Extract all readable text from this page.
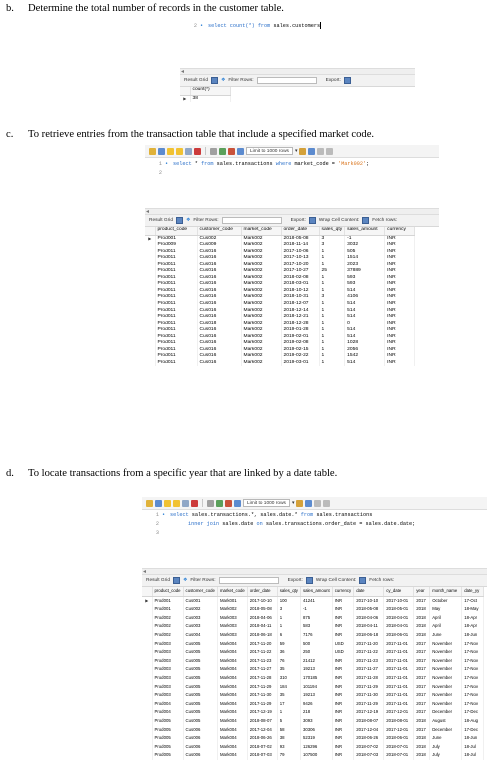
b. Determine the total number of records in the customer table.
2 • select count(*) from sales.customers
◂
Result Grid	❖ Filter Rows:	Export:
	count(*)
▶	38
c. To retrieve entries from the transaction table that include a specified market code.
Limit to 1000 rows	▾
1 • select * from sales.transactions where market_code = 'Mark002';
2
◂
Result Grid	❖ Filter Rows:	Export:	Wrap Cell Content:	Fetch rows:
	product_code	customer_code	market_code	order_date	sales_qty	sales_amount	currency
▶	Prod001	Cus002	Mark002	2018-05-08	3	-1	INR
	Prod009	Cus009	Mark002	2018-11-14	3	3032	INR
	Prod011	Cus016	Mark002	2017-10-06	1	505	INR
	Prod011	Cus016	Mark002	2017-10-13	1	1514	INR
	Prod011	Cus016	Mark002	2017-10-20	1	2023	INR
	Prod011	Cus016	Mark002	2017-10-27	25	37889	INR
	Prod011	Cus016	Mark002	2018-02-08	1	593	INR
	Prod011	Cus016	Mark002	2018-03-01	1	593	INR
	Prod011	Cus016	Mark002	2018-10-12	1	514	INR
	Prod011	Cus016	Mark002	2018-10-31	3	4106	INR
	Prod011	Cus016	Mark002	2018-12-07	1	514	INR
	Prod011	Cus016	Mark002	2018-12-14	1	514	INR
	Prod011	Cus016	Mark002	2018-12-21	1	514	INR
	Prod011	Cus018	Mark002	2018-12-28	1	0	INR
	Prod011	Cus016	Mark002	2019-01-28	1	514	INR
	Prod011	Cus016	Mark002	2019-02-01	1	514	INR
	Prod011	Cus016	Mark002	2019-02-08	1	1028	INR
	Prod011	Cus016	Mark002	2019-02-15	1	2056	INR
	Prod011	Cus016	Mark002	2019-02-22	1	1542	INR
	Prod011	Cus016	Mark002	2019-03-01	1	514	INR
d. To locate transactions from a specific year that are linked by a date table.
Limit to 1000 rows	▾
1 • select sales.transactions.*, sales.date.* from sales.transactions
2	inner join sales.date on sales.transactions.order_date = sales.date.date;
3
◂
Result Grid	❖ Filter Rows:	Export:	Wrap Cell Content:	Fetch rows:
	product_code	customer_code	market_code	order_date	sales_qty	sales_amount	currency	date	cy_date	year	month_name	date_yy
▶	Prod001	Cus001	Mark001	2017-10-10	100	41241	INR	2017-10-10	2017-10-01	2017	October	17-Oct
	Prod001	Cus002	Mark002	2018-05-08	3	-1	INR	2018-05-08	2018-05-01	2018	May	18-May
	Prod002	Cus003	Mark003	2018-04-06	1	875	INR	2018-04-06	2018-04-01	2018	April	18-Apr
	Prod002	Cus003	Mark003	2018-04-11	1	583	INR	2018-04-11	2018-04-01	2018	April	18-Apr
	Prod002	Cus004	Mark003	2018-06-18	6	7176	INR	2018-06-18	2018-06-01	2018	June	18-Jun
	Prod003	Cus005	Mark004	2017-11-20	59	500	USD	2017-11-20	2017-11-01	2017	November	17-Nov
	Prod003	Cus005	Mark004	2017-11-22	36	250	USD	2017-11-22	2017-11-01	2017	November	17-Nov
	Prod003	Cus005	Mark004	2017-11-23	76	21412	INR	2017-11-23	2017-11-01	2017	November	17-Nov
	Prod003	Cus005	Mark004	2017-11-27	35	19213	INR	2017-11-27	2017-11-01	2017	November	17-Nov
	Prod003	Cus005	Mark004	2017-11-28	310	170185	INR	2017-11-28	2017-11-01	2017	November	17-Nov
	Prod003	Cus005	Mark004	2017-11-29	184	101194	INR	2017-11-29	2017-11-01	2017	November	17-Nov
	Prod003	Cus005	Mark004	2017-11-30	35	19213	INR	2017-11-30	2017-11-01	2017	November	17-Nov
	Prod004	Cus005	Mark004	2017-11-29	17	9426	INR	2017-11-29	2017-11-01	2017	November	17-Nov
	Prod004	Cus005	Mark004	2017-12-19	1	218	INR	2017-12-19	2017-12-01	2017	December	17-Dec
	Prod005	Cus005	Mark004	2018-08-07	5	3093	INR	2018-08-07	2018-08-01	2018	August	18-Aug
	Prod005	Cus006	Mark004	2017-12-04	58	30306	INR	2017-12-04	2017-12-01	2017	December	17-Dec
	Prod005	Cus006	Mark004	2018-06-26	38	52319	INR	2018-06-26	2018-06-01	2018	June	18-Jun
	Prod005	Cus006	Mark004	2018-07-02	93	126296	INR	2018-07-02	2018-07-01	2018	July	18-Jul
	Prod005	Cus006	Mark004	2018-07-03	79	107500	INR	2018-07-03	2018-07-01	2018	July	18-Jul
